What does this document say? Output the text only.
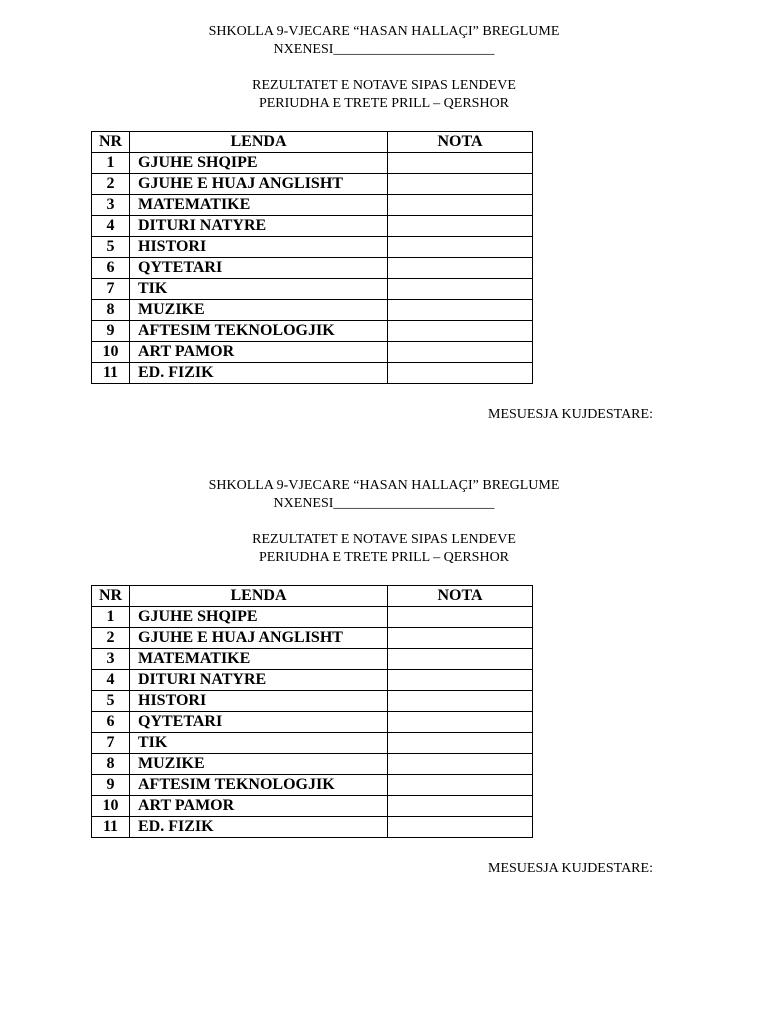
SHKOLLA 9-VJECARE “HASAN HALLAÇI” BREGLUME
NXENESI_______________________
REZULTATET E NOTAVE SIPAS LENDEVE
PERIUDHA E TRETE PRILL – QERSHOR
NR	LENDA	NOTA
1	GJUHE SHQIPE	
2	GJUHE E HUAJ ANGLISHT	
3	MATEMATIKE	
4	DITURI NATYRE	
5	HISTORI	
6	QYTETARI	
7	TIK	
8	MUZIKE	
9	AFTESIM TEKNOLOGJIK	
10	ART PAMOR	
11	ED. FIZIK	
MESUESJA KUJDESTARE:
SHKOLLA 9-VJECARE “HASAN HALLAÇI” BREGLUME
NXENESI_______________________
REZULTATET E NOTAVE SIPAS LENDEVE
PERIUDHA E TRETE PRILL – QERSHOR
NR	LENDA	NOTA
1	GJUHE SHQIPE	
2	GJUHE E HUAJ ANGLISHT	
3	MATEMATIKE	
4	DITURI NATYRE	
5	HISTORI	
6	QYTETARI	
7	TIK	
8	MUZIKE	
9	AFTESIM TEKNOLOGJIK	
10	ART PAMOR	
11	ED. FIZIK	
MESUESJA KUJDESTARE:
